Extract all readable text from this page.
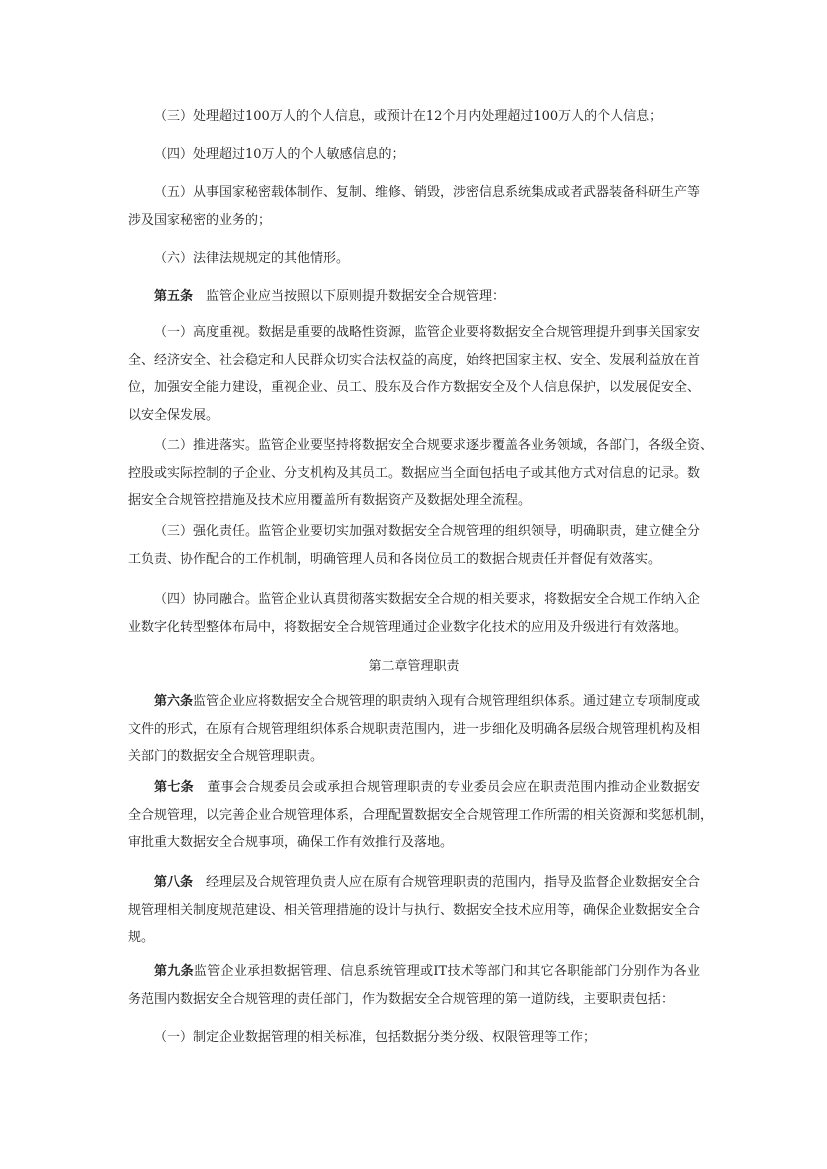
（三）处理超过100万人的个人信息，或预计在12个月内处理超过100万人的个人信息；

（四）处理超过10万人的个人敏感信息的；

（五）从事国家秘密载体制作、复制、维修、销毁，涉密信息系统集成或者武器装备科研生产等
涉及国家秘密的业务的；

（六）法律法规规定的其他情形。

第五条　 监管企业应当按照以下原则提升数据安全合规管理：

（一）高度重视。数据是重要的战略性资源，监管企业要将数据安全合规管理提升到事关国家安
全、经济安全、社会稳定和人民群众切实合法权益的高度，始终把国家主权、安全、发展利益放在首
位，加强安全能力建设，重视企业、员工、股东及合作方数据安全及个人信息保护，以发展促安全、
以安全保发展。

（二）推进落实。监管企业要坚持将数据安全合规要求逐步覆盖各业务领域，各部门，各级全资、
控股或实际控制的子企业、分支机构及其员工。数据应当全面包括电子或其他方式对信息的记录。数
据安全合规管控措施及技术应用覆盖所有数据资产及数据处理全流程。

（三）强化责任。监管企业要切实加强对数据安全合规管理的组织领导，明确职责，建立健全分
工负责、协作配合的工作机制，明确管理人员和各岗位员工的数据合规责任并督促有效落实。

（四）协同融合。监管企业认真贯彻落实数据安全合规的相关要求，将数据安全合规工作纳入企
业数字化转型整体布局中，将数据安全合规管理通过企业数字化技术的应用及升级进行有效落地。

第二章管理职责

第六条监管企业应将数据安全合规管理的职责纳入现有合规管理组织体系。通过建立专项制度或
文件的形式，在原有合规管理组织体系合规职责范围内，进一步细化及明确各层级合规管理机构及相
关部门的数据安全合规管理职责。

第七条　 董事会合规委员会或承担合规管理职责的专业委员会应在职责范围内推动企业数据安
全合规管理，以完善企业合规管理体系，合理配置数据安全合规管理工作所需的相关资源和奖惩机制，
审批重大数据安全合规事项，确保工作有效推行及落地。

第八条　 经理层及合规管理负责人应在原有合规管理职责的范围内，指导及监督企业数据安全合
规管理相关制度规范建设、相关管理措施的设计与执行、数据安全技术应用等，确保企业数据安全合
规。

第九条监管企业承担数据管理、信息系统管理或IT技术等部门和其它各职能部门分别作为各业
务范围内数据安全合规管理的责任部门，作为数据安全合规管理的第一道防线，主要职责包括：

（一）制定企业数据管理的相关标准，包括数据分类分级、权限管理等工作；
